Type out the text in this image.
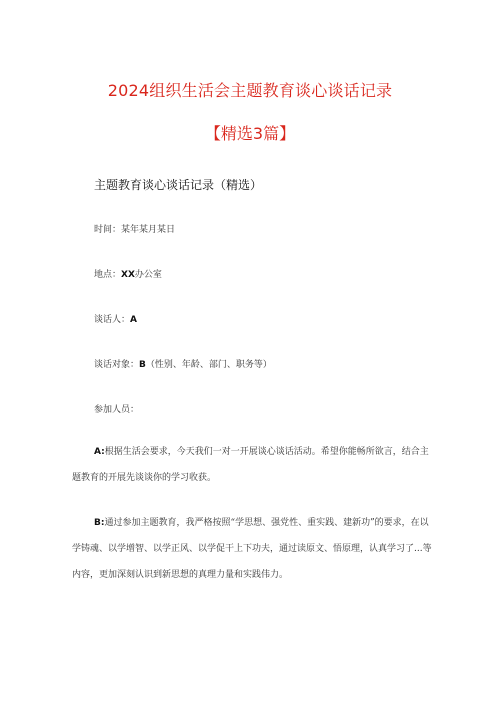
2024组织生活会主题教育谈心谈话记录
【精选3篇】
主题教育谈心谈话记录（精选）
时间：某年某月某日
地点：XX办公室
谈话人：A
谈话对象：B（性别、年龄、部门、职务等）
参加人员：
A:根据生活会要求，今天我们一对一开展谈心谈话活动。希望你能畅所欲言，结合主题教育的开展先谈谈你的学习收获。
B:通过参加主题教育，我严格按照“学思想、强党性、重实践、建新功”的要求，在以学铸魂、以学增智、以学正风、以学促干上下功夫，通过读原文、悟原理，认真学习了...等内容，更加深刻认识到新思想的真理力量和实践伟力。
